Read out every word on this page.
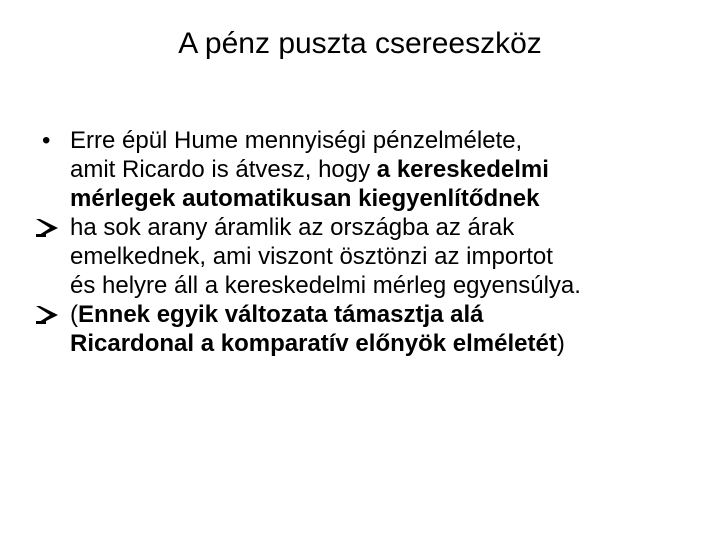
A pénz puszta csereeszköz
• Erre épül Hume mennyiségi pénzelmélete,
amit Ricardo is átvesz, hogy a kereskedelmi
mérlegek automatikusan kiegyenlítődnek
ha sok arany áramlik az országba az árak
emelkednek, ami viszont ösztönzi az importot
és helyre áll a kereskedelmi mérleg egyensúlya.
(Ennek egyik változata támasztja alá
Ricardonal a komparatív előnyök elméletét)
